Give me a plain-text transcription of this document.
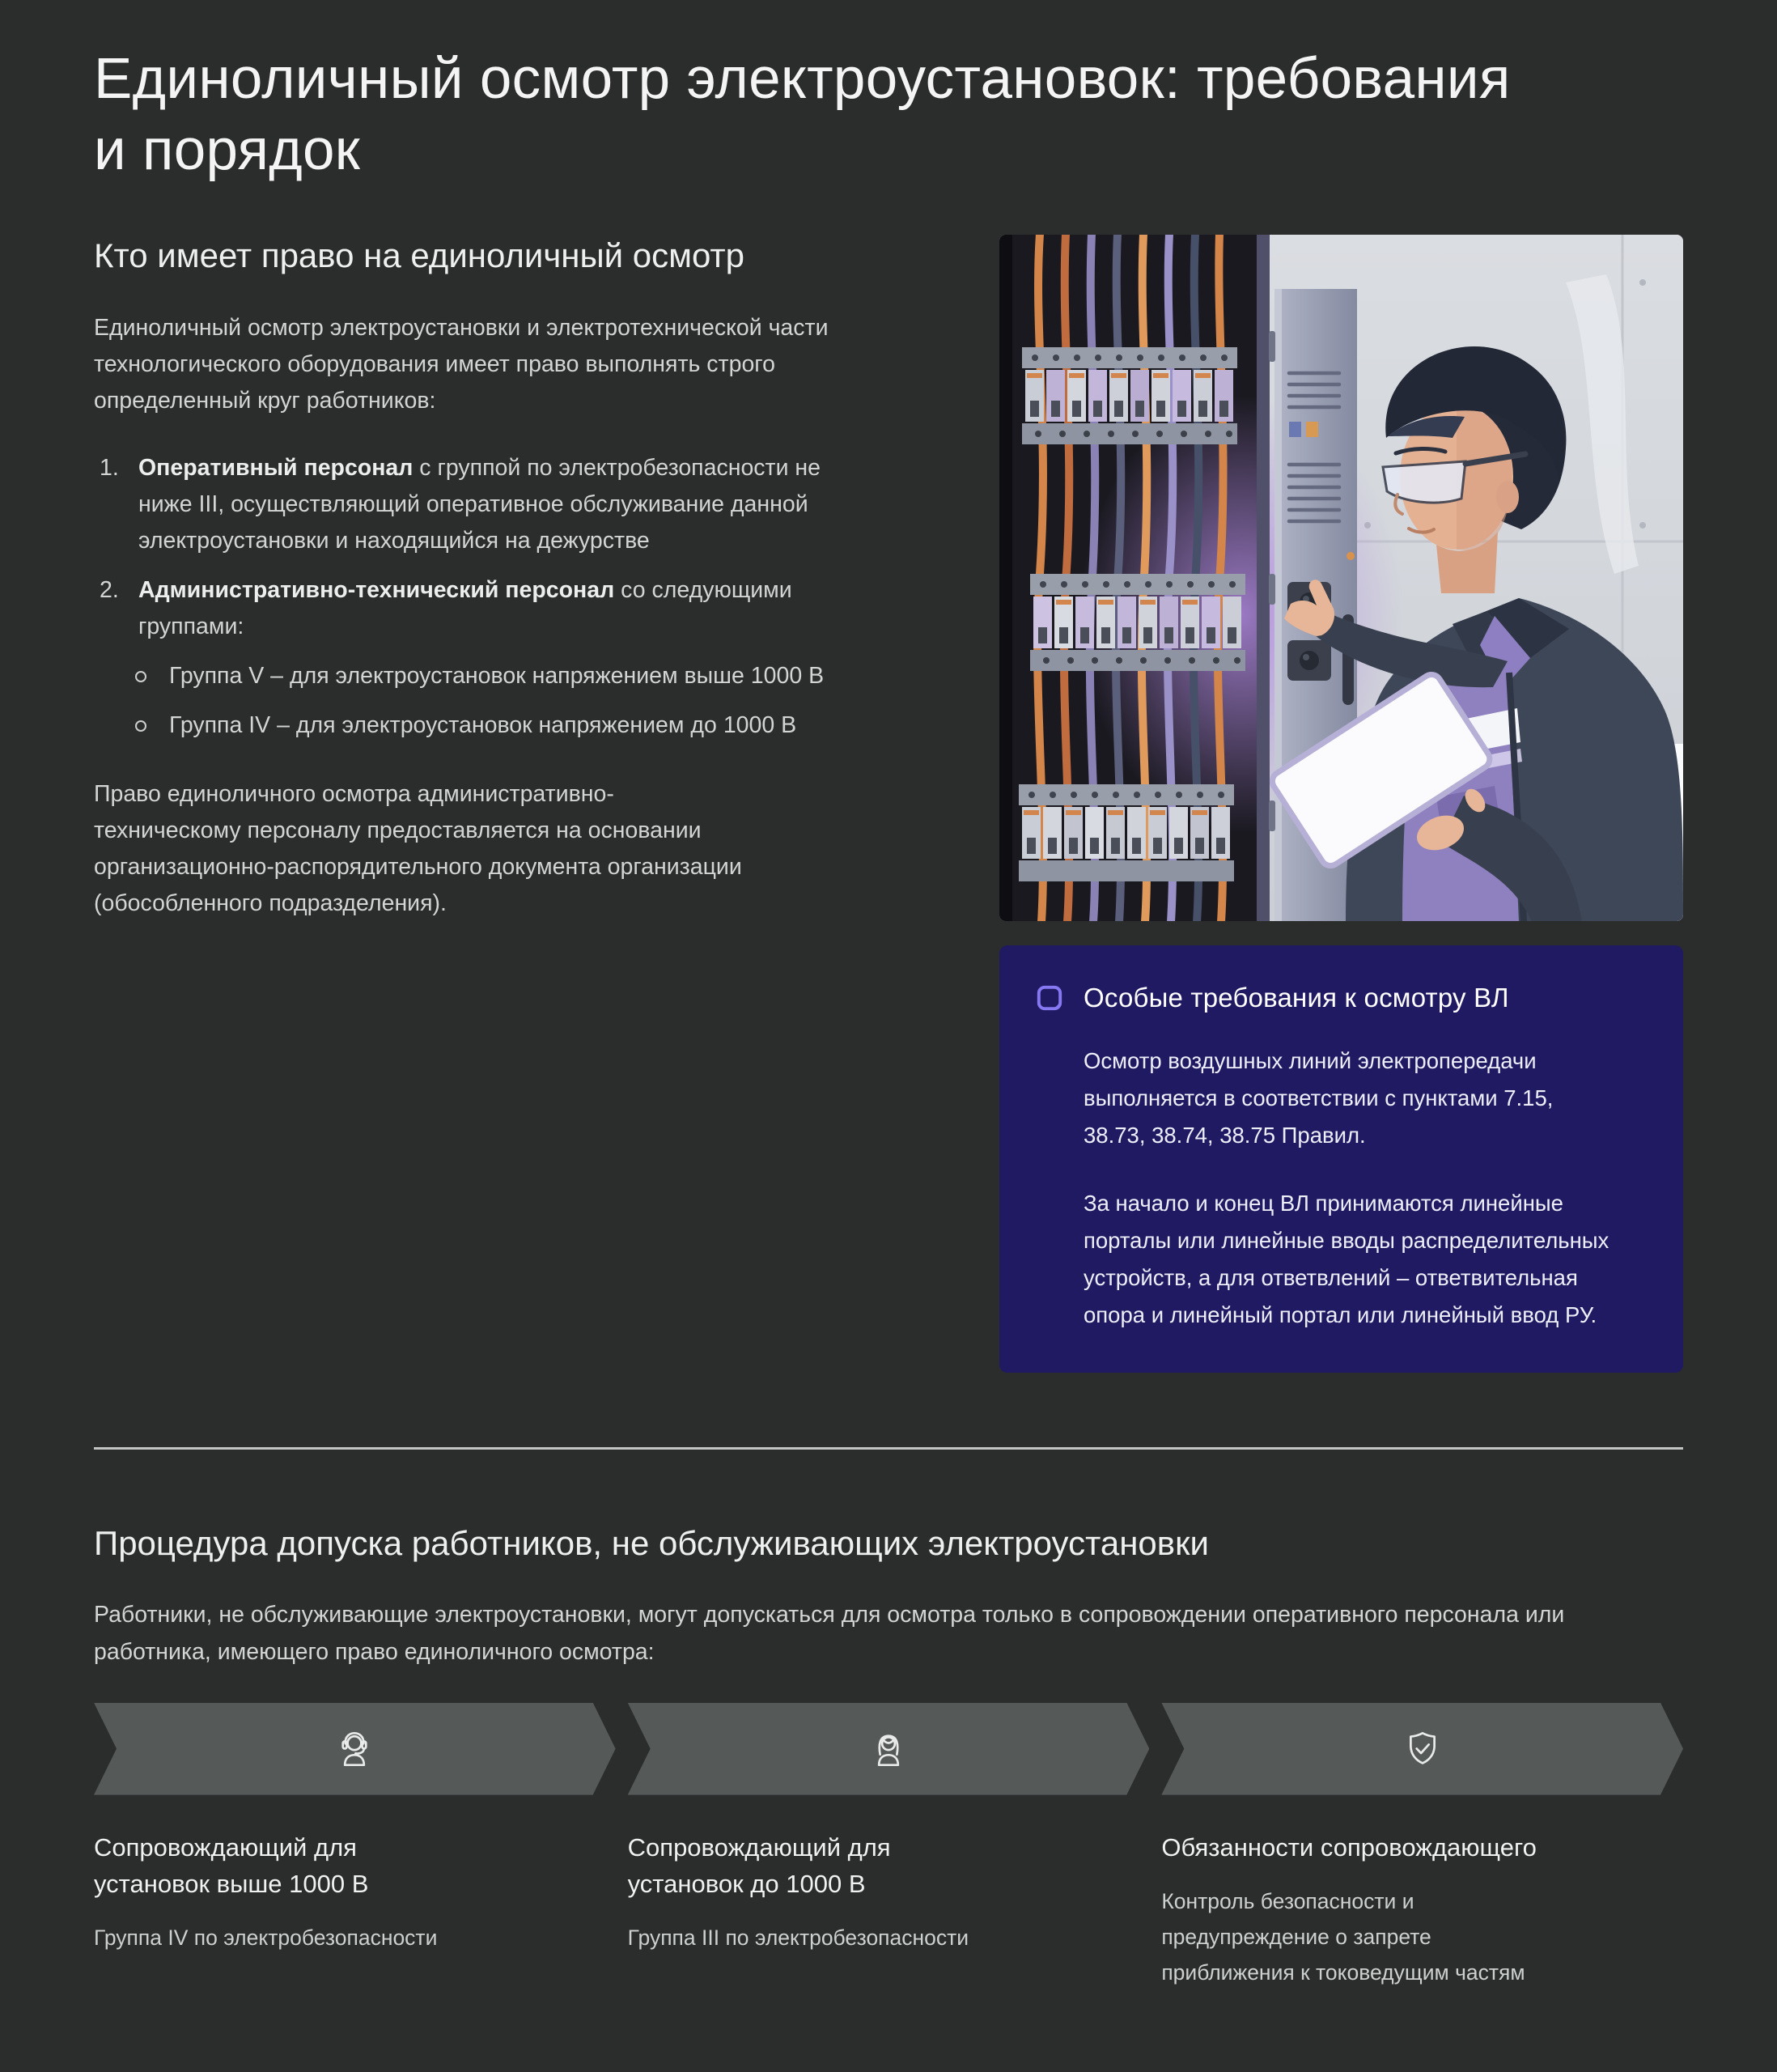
Единоличный осмотр электроустановок: требования и порядок
Кто имеет право на единоличный осмотр

Единоличный осмотр электроустановки и электротехнической части технологического оборудования имеет право выполнять строго определенный круг работников:

1. Оперативный персонал с группой по электробезопасности не ниже III, осуществляющий оперативное обслуживание данной электроустановки и находящийся на дежурстве
2. Административно-технический персонал со следующими группами:
Группа V – для электроустановок напряжением выше 1000 В
Группа IV – для электроустановок напряжением до 1000 В

Право единоличного осмотра административно-техническому персоналу предоставляется на основании организационно-распорядительного документа организации (обособленного подразделения).

Особые требования к осмотру ВЛ

Осмотр воздушных линий электропередачи выполняется в соответствии с пунктами 7.15, 38.73, 38.74, 38.75 Правил.

За начало и конец ВЛ принимаются линейные порталы или линейные вводы распределительных устройств, а для ответвлений – ответвительная опора и линейный портал или линейный ввод РУ.

Процедура допуска работников, не обслуживающих электроустановки

Работники, не обслуживающие электроустановки, могут допускаться для осмотра только в сопровождении оперативного персонала или работника, имеющего право единоличного осмотра:

Сопровождающий для установок выше 1000 В

Группа IV по электробезопасности

Сопровождающий для установок до 1000 В

Группа III по электробезопасности

Обязанности сопровождающего

Контроль безопасности и предупреждение о запрете приближения к токоведущим частям
